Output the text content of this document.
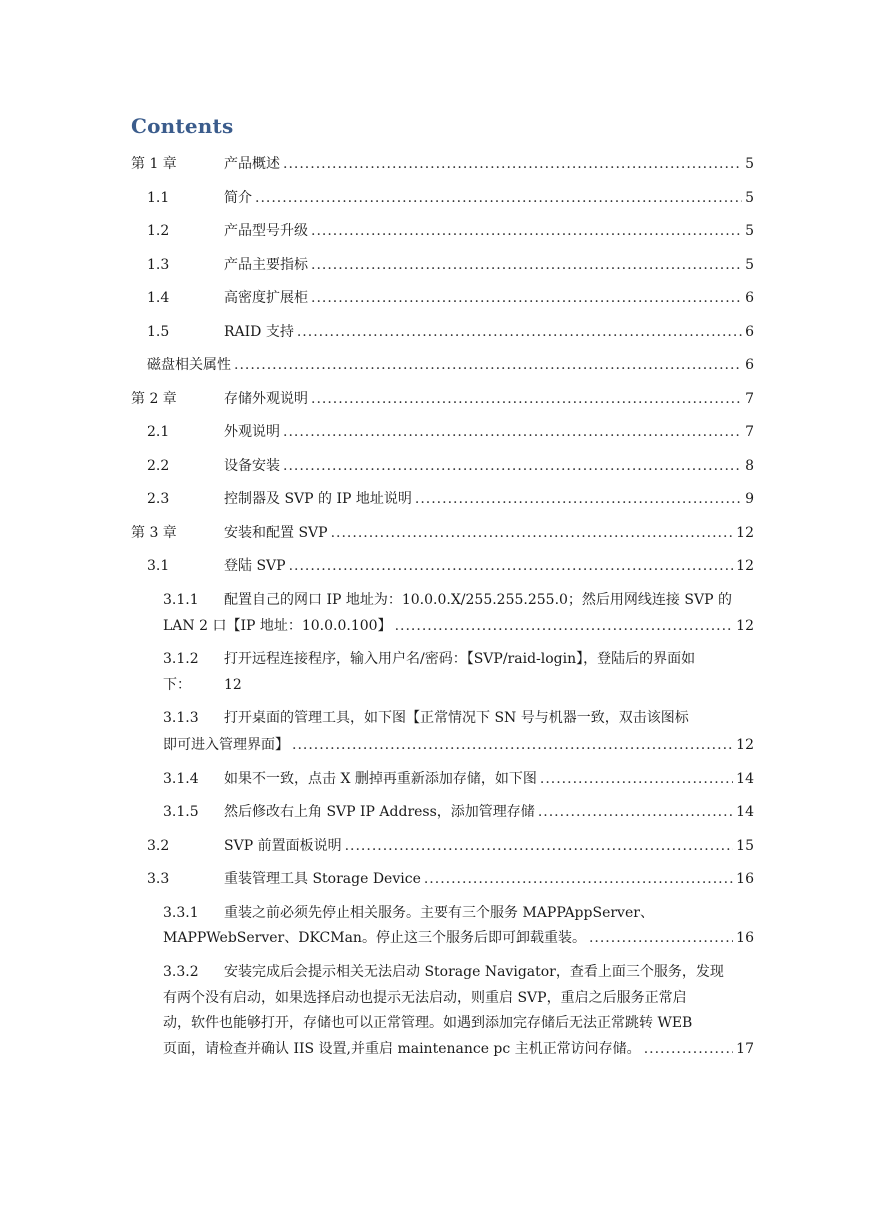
Contents
第 1 章	产品概述 .....	5
1.1	简介 .....	5
1.2	产品型号升级 .....	5
1.3	产品主要指标 .....	5
1.4	高密度扩展柜 .....	6
1.5	RAID 支持 .....	6
磁盘相关属性 .....	6
第 2 章	存储外观说明 .....	7
2.1	外观说明 .....	7
2.2	设备安装 .....	8
2.3	控制器及 SVP 的 IP 地址说明 .....	9
第 3 章	安装和配置 SVP .....	12
3.1	登陆 SVP .....	12
3.1.1 配置自己的网口 IP 地址为：10.0.0.X/255.255.255.0；然后用网线连接 SVP 的
LAN 2 口【IP 地址：10.0.0.100】 .....	12
3.1.2 打开远程连接程序，输入用户名/密码：【SVP/raid-login】，登陆后的界面如
下： 12
3.1.3 打开桌面的管理工具，如下图【正常情况下 SN 号与机器一致，双击该图标
即可进入管理界面】 .....	12
3.1.4 如果不一致，点击 X 删掉再重新添加存储，如下图 .....	14
3.1.5 然后修改右上角 SVP IP Address，添加管理存储 .....	14
3.2	SVP 前置面板说明 .....	15
3.3	重装管理工具 Storage Device .....	16
3.3.1 重装之前必须先停止相关服务。主要有三个服务 MAPPAppServer、
MAPPWebServer、DKCMan。停止这三个服务后即可卸载重装。 .....	16
3.3.2 安装完成后会提示相关无法启动 Storage Navigator，查看上面三个服务，发现
有两个没有启动，如果选择启动也提示无法启动，则重启 SVP，重启之后服务正常启
动，软件也能够打开，存储也可以正常管理。如遇到添加完存储后无法正常跳转 WEB
页面，请检查并确认 IIS 设置,并重启 maintenance pc 主机正常访问存储。 .....	17
